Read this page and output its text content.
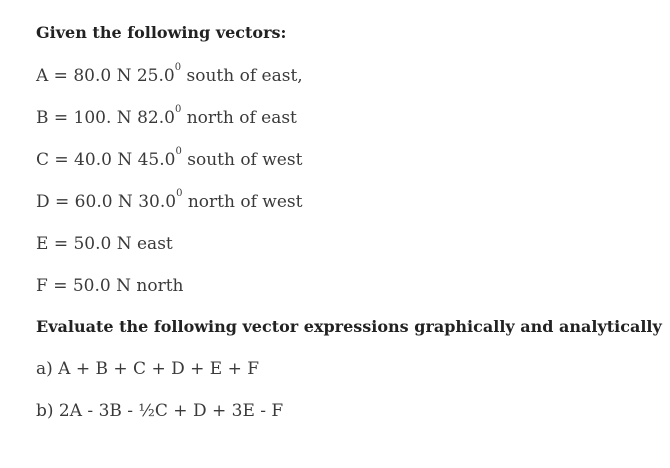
Given the following vectors:
A = 80.0 N 25.0$^0$ south of east,
B = 100. N 82.0$^0$ north of east
C = 40.0 N 45.0$^0$ south of west
D = 60.0 N 30.0$^0$ north of west
E = 50.0 N east
F = 50.0 N north
Evaluate the following vector expressions graphically and analytically
a) A + B + C + D + E + F
b) 2A - 3B - ½C + D + 3E - F
